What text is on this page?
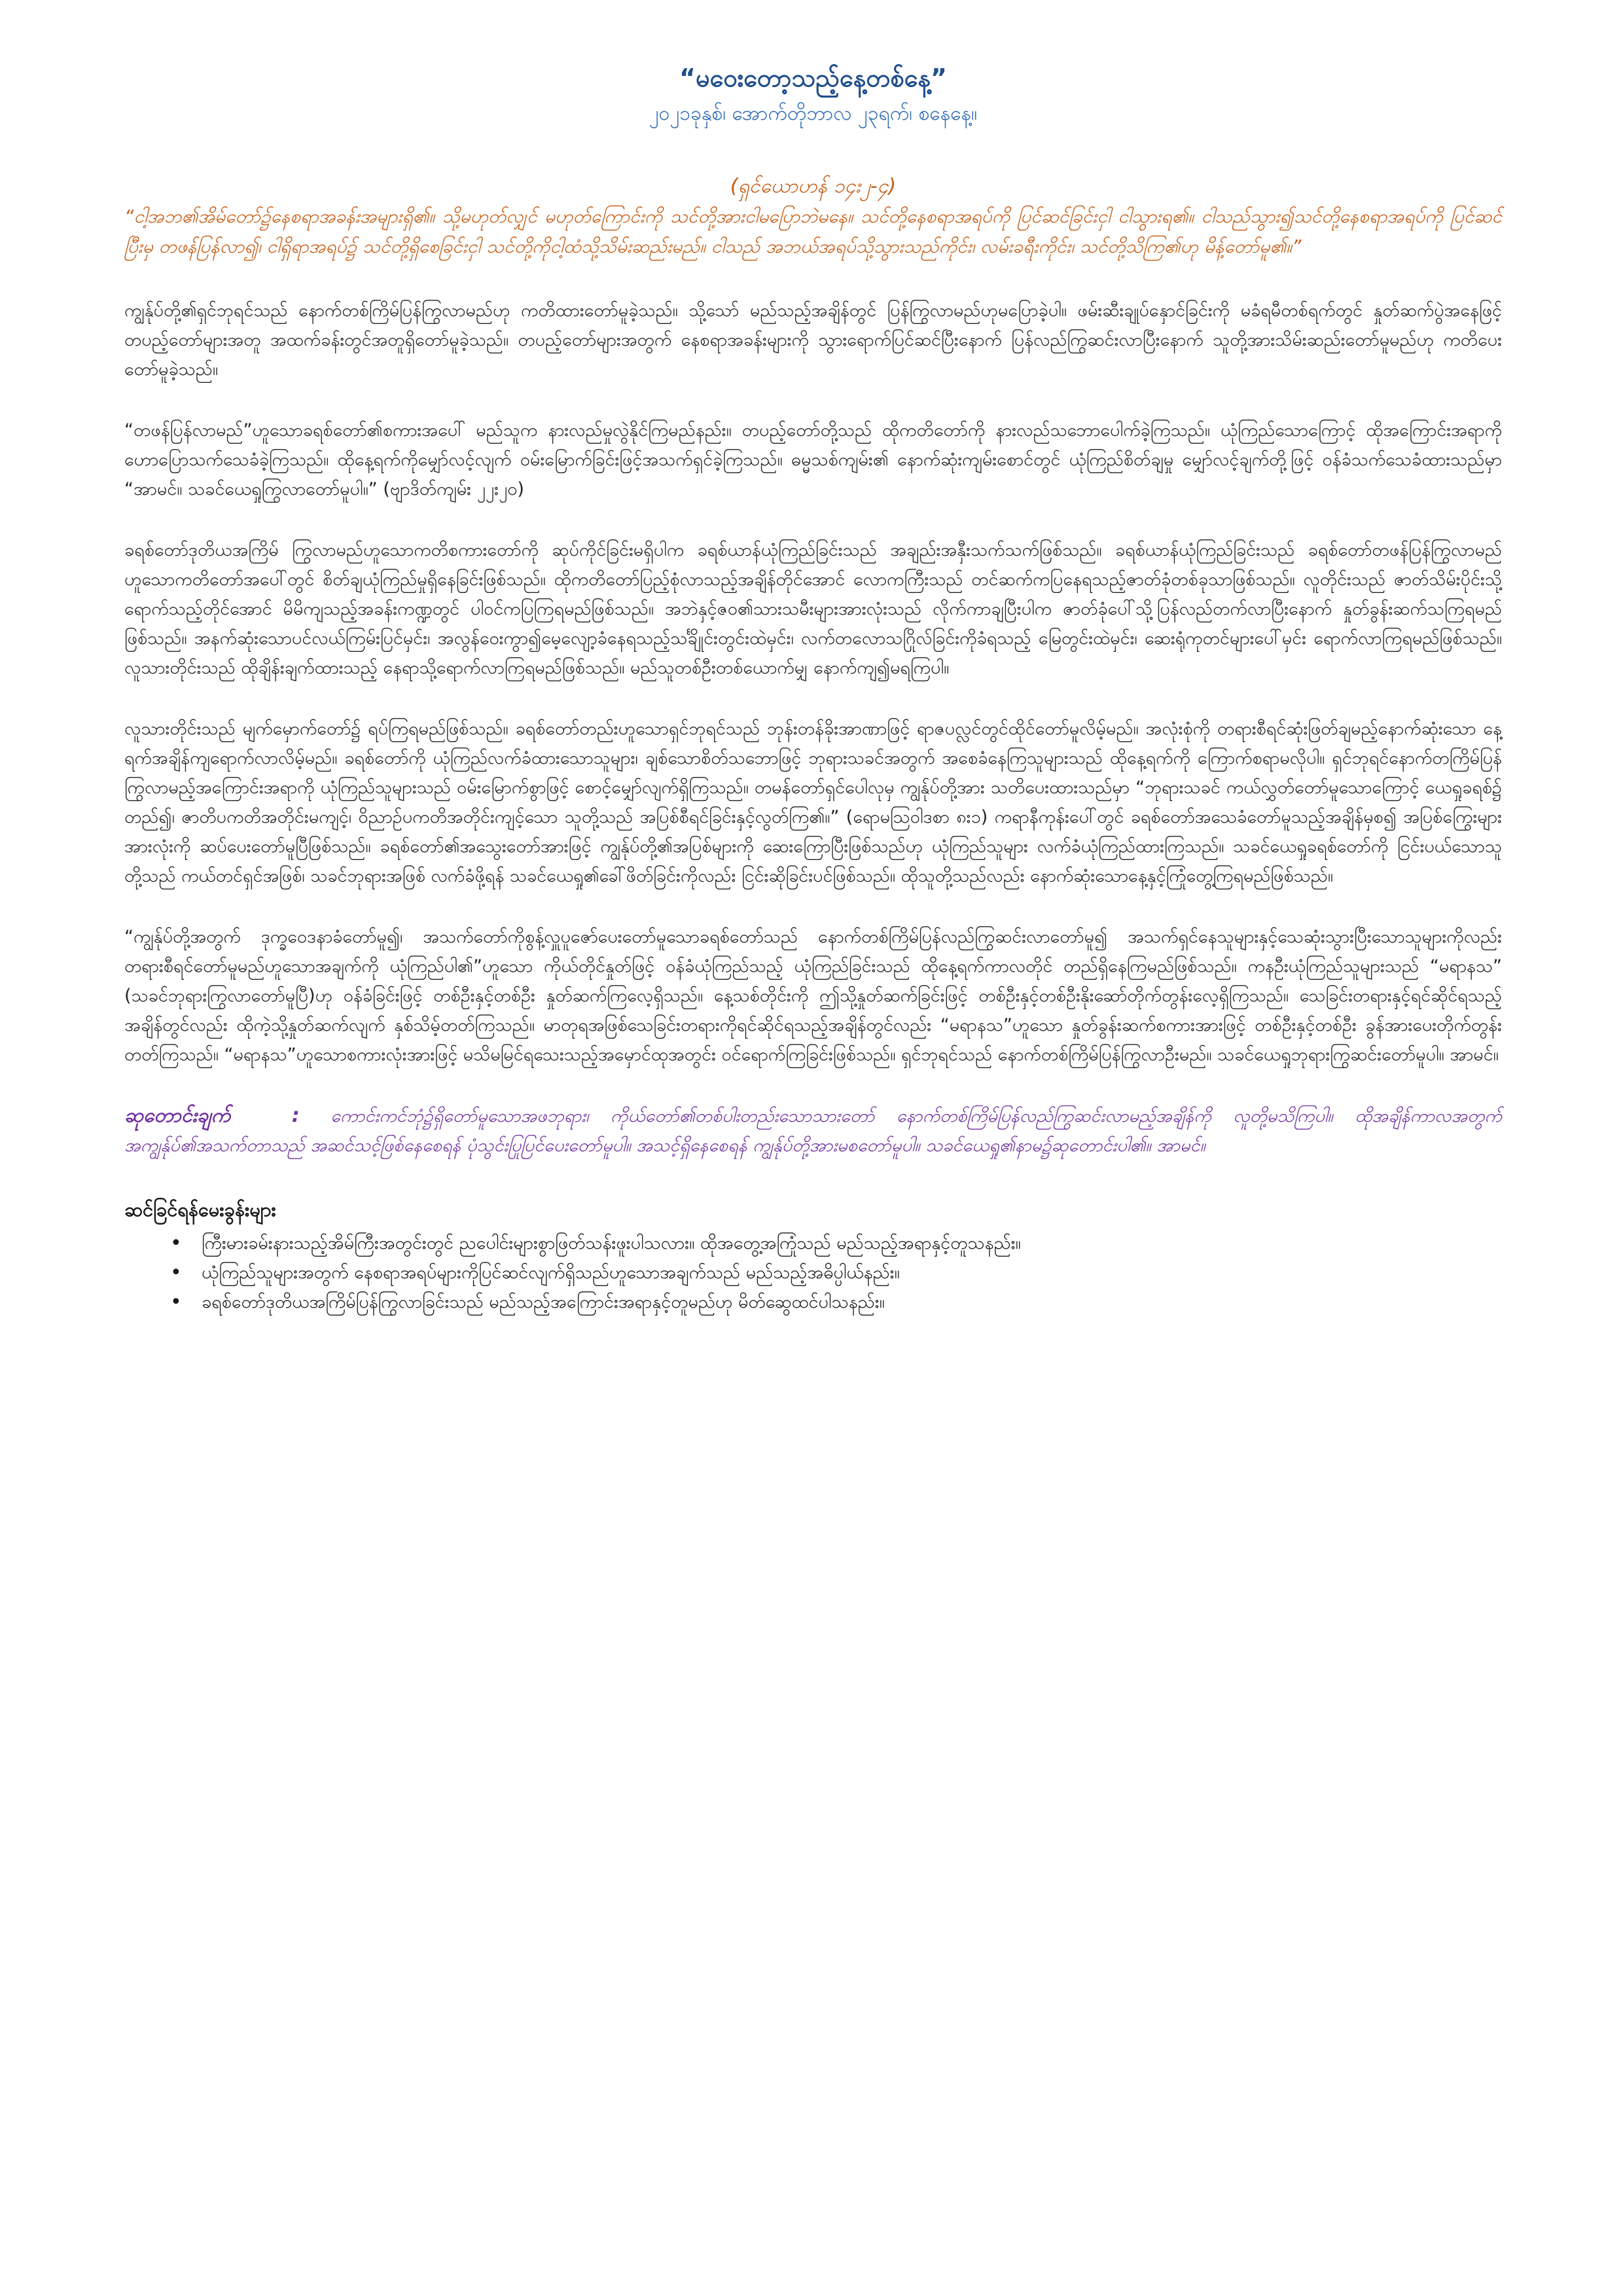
“မဝေးတော့သည့်နေ့တစ်နေ့”

၂၀၂၁ခုနှစ်၊ အောက်တိုဘာလ ၂၃ရက်၊ စနေနေ့။

(ရှင်ယောဟန် ၁၄း၂-၄)

“ငါ့အဘ၏အိမ်တော်၌နေစရာအခန်းအများရှိ၏။ သို့မဟုတ်လျှင် မဟုတ်ကြောင်းကို သင်တို့အားငါမပြောဘဲမနေ။ သင်တို့နေစရာအရပ်ကို ပြင်ဆင်ခြင်းငှါ ငါသွားရ၏။ ငါသည်သွား၍သင်တို့နေစရာအရပ်ကို ပြင်ဆင်ပြီးမှ တဖန်ပြန်လာ၍၊ ငါရှိရာအရပ်၌ သင်တို့ရှိစေခြင်းငှါ သင်တို့ကိုငါ့ထံသို့သိမ်းဆည်းမည်။ ငါသည် အဘယ်အရပ်သို့သွားသည်ကိုင်း၊ လမ်းခရီးကိုင်း၊ သင်တို့သိကြ၏ဟု မိန့်တော်မူ၏။”

ကျွန်ုပ်တို့၏ရှင်ဘုရင်သည် နောက်တစ်ကြိမ်ပြန်ကြွလာမည်ဟု ကတိထားတော်မူခဲ့သည်။ သို့သော် မည်သည့်အချိန်တွင် ပြန်ကြွလာမည်ဟုမပြောခဲ့ပါ။ ဖမ်းဆီးချုပ်နှောင်ခြင်းကို မခံရမီတစ်ရက်တွင် နှုတ်ဆက်ပွဲအနေဖြင့် တပည့်တော်များအတူ အထက်ခန်းတွင်အတူရှိတော်မူခဲ့သည်။ တပည့်တော်များအတွက် နေစရာအခန်းများကို သွားရောက်ပြင်ဆင်ပြီးနောက် ပြန်လည်ကြွဆင်းလာပြီးနောက် သူတို့အားသိမ်းဆည်းတော်မူမည်ဟု ကတိပေးတော်မူခဲ့သည်။

“တဖန်ပြန်လာမည်”ဟူသောခရစ်တော်၏စကားအပေါ် မည်သူက နားလည်မှုလွဲနိုင်ကြမည်နည်း။ တပည့်တော်တို့သည် ထိုကတိတော်ကို နားလည်သဘောပေါက်ခဲ့ကြသည်။ ယုံကြည်သောကြောင့် ထိုအကြောင်းအရာကို ဟောပြောသက်သေခံခဲ့ကြသည်။ ထိုနေ့ရက်ကိုမျှော်လင့်လျက် ဝမ်းမြောက်ခြင်းဖြင့်အသက်ရှင်ခဲ့ကြသည်။ ဓမ္မသစ်ကျမ်း၏ နောက်ဆုံးကျမ်းစောင်တွင် ယုံကြည်စိတ်ချမှု မျှော်လင့်ချက်တို့ဖြင့် ဝန်ခံသက်သေခံထားသည်မှာ “အာမင်။ သခင်ယေရှုကြွလာတော်မူပါ။” (ဗျာဒိတ်ကျမ်း ၂၂း၂၀)

ခရစ်တော်ဒုတိယအကြိမ် ကြွလာမည်ဟူသောကတိစကားတော်ကို ဆုပ်ကိုင်ခြင်းမရှိပါက ခရစ်ယာန်ယုံကြည်ခြင်းသည် အချည်းအနှီးသက်သက်ဖြစ်သည်။ ခရစ်ယာန်ယုံကြည်ခြင်းသည် ခရစ်တော်တဖန်ပြန်ကြွလာမည်ဟူသောကတိတော်အပေါ်တွင် စိတ်ချယုံကြည်မှုရှိနေခြင်းဖြစ်သည်။ ထိုကတိတော်ပြည့်စုံလာသည့်အချိန်တိုင်အောင် လောကကြီးသည် တင်ဆက်ကပြနေရသည့်ဇာတ်ခုံတစ်ခုသာဖြစ်သည်။ လူတိုင်းသည် ဇာတ်သိမ်းပိုင်းသို့ရောက်သည့်တိုင်အောင် မိမိကျသည့်အခန်းကဏ္ဍတွင် ပါဝင်ကပြကြရမည်ဖြစ်သည်။ အဘဲနှင့်ဇဝ၏သားသမီးများအားလုံးသည် လိုက်ကာချပြီးပါက ဇာတ်ခုံပေါ်သို့ပြန်လည်တက်လာပြီးနောက် နှုတ်ခွန်းဆက်သကြရမည်ဖြစ်သည်။ အနက်ဆုံးသောပင်လယ်ကြမ်းပြင်မှင်း၊ အလွန်ဝေးကွာ၍မေ့လျော့ခံနေရသည့်သင်္ချိုင်းတွင်းထဲမှင်း၊ လက်တလောသဂြိုလ်ခြင်းကိုခံရသည့် မြေတွင်းထဲမှင်း၊ ဆေးရုံကုတင်များပေါ်မှင်း ရောက်လာကြရမည်ဖြစ်သည်။ လူသားတိုင်းသည် ထိုချိန်းချက်ထားသည့် နေရာသို့ရောက်လာကြရမည်ဖြစ်သည်။ မည်သူတစ်ဦးတစ်ယောက်မျှ နောက်ကျ၍မရကြပါ။

လူသားတိုင်းသည် မျက်မှောက်တော်၌ ရပ်ကြရမည်ဖြစ်သည်။ ခရစ်တော်တည်းဟူသောရှင်ဘုရင်သည် ဘုန်းတန်ခိုးအာဏာဖြင့် ရာဇပလ္လင်တွင်ထိုင်တော်မူလိမ့်မည်။ အလုံးစုံကို တရားစီရင်ဆုံးဖြတ်ချမည့်နောက်ဆုံးသော နေ့ရက်အချိန်ကျရောက်လာလိမ့်မည်။ ခရစ်တော်ကို ယုံကြည်လက်ခံထားသောသူများ၊ ချစ်သောစိတ်သဘောဖြင့် ဘုရားသခင်အတွက် အစေခံနေကြသူများသည် ထိုနေ့ရက်ကို ကြောက်စရာမလိုပါ။ ရှင်ဘုရင်နောက်တကြိမ်ပြန်ကြွလာမည့်အကြောင်းအရာကို ယုံကြည်သူများသည် ဝမ်းမြောက်စွာဖြင့် စောင့်မျှော်လျက်ရှိကြသည်။ တမန်တော်ရှင်ပေါလုမှ ကျွန်ုပ်တို့အား သတိပေးထားသည်မှာ “ဘုရားသခင် ကယ်လွှတ်တော်မူသောကြောင့် ယေရှုခရစ်၌ တည်၍၊ ဇာတိပကတိအတိုင်းမကျင့်၊ ဝိညာဉ်ပကတိအတိုင်းကျင့်သော သူတို့သည် အပြစ်စီရင်ခြင်းနှင့်လွတ်ကြ၏။” (ရောမဩဝါဒစာ ၈း၁) ကရာနီကုန်းပေါ်တွင် ခရစ်တော်အသေခံတော်မူသည့်အချိန်မှစ၍ အပြစ်ကြွေးများအားလုံးကို ဆပ်ပေးတော်မူပြီဖြစ်သည်။ ခရစ်တော်၏အသွေးတော်အားဖြင့် ကျွန်ုပ်တို့၏အပြစ်များကို ဆေးကြောပြီးဖြစ်သည်ဟု ယုံကြည်သူများ လက်ခံယုံကြည်ထားကြသည်။ သခင်ယေရှုခရစ်တော်ကို ငြင်းပယ်သောသူတို့သည် ကယ်တင်ရှင်အဖြစ်၊ သခင်ဘုရားအဖြစ် လက်ခံဖို့ရန် သခင်ယေရှု၏ခေါ်ဖိတ်ခြင်းကိုလည်း ငြင်းဆိုခြင်းပင်ဖြစ်သည်။ ထိုသူတို့သည်လည်း နောက်ဆုံးသောနေ့နှင့်ကြုံတွေ့ကြရမည်ဖြစ်သည်။

“ကျွန်ုပ်တို့အတွက် ဒုက္ခဝေဒနာခံတော်မူ၍၊ အသက်တော်ကိုစွန့်လှူပူဇော်ပေးတော်မူသောခရစ်တော်သည် နောက်တစ်ကြိမ်ပြန်လည်ကြွဆင်းလာတော်မူ၍ အသက်ရှင်နေသူများနှင့်သေဆုံးသွားပြီးသောသူများကိုလည်း တရားစီရင်တော်မူမည်ဟူသောအချက်ကို ယုံကြည်ပါ၏”ဟူသော ကိုယ်တိုင်နှုတ်ဖြင့် ဝန်ခံယုံကြည်သည့် ယုံကြည်ခြင်းသည် ထိုနေ့ရက်ကာလတိုင် တည်ရှိနေကြမည်ဖြစ်သည်။ ကနဦးယုံကြည်သူများသည် “မရာနသ” (သခင်ဘုရားကြွလာတော်မူပြီ)ဟု ဝန်ခံခြင်းဖြင့် တစ်ဦးနှင့်တစ်ဦး နှုတ်ဆက်ကြလေ့ရှိသည်။ နေ့သစ်တိုင်းကို ဤသို့နှုတ်ဆက်ခြင်းဖြင့် တစ်ဦးနှင့်တစ်ဦးနိုးဆော်တိုက်တွန်းလေ့ရှိကြသည်။ သေခြင်းတရားနှင့်ရင်ဆိုင်ရသည့်အချိန်တွင်လည်း ထိုကဲ့သို့နှုတ်ဆက်လျက် နှစ်သိမ့်တတ်ကြသည်။ မာတုရအဖြစ်သေခြင်းတရားကိုရင်ဆိုင်ရသည့်အချိန်တွင်လည်း “မရာနသ”ဟူသော နှုတ်ခွန်းဆက်စကားအားဖြင့် တစ်ဦးနှင့်တစ်ဦး ခွန်အားပေးတိုက်တွန်းတတ်ကြသည်။ “မရာနသ”ဟူသောစကားလုံးအားဖြင့် မသိမမြင်ရသေးသည့်အမှောင်ထုအတွင်း ဝင်ရောက်ကြခြင်းဖြစ်သည်။ ရှင်ဘုရင်သည် နောက်တစ်ကြိမ်ပြန်ကြွလာဦးမည်။ သခင်ယေရှုဘုရားကြွဆင်းတော်မူပါ။ အာမင်။

ဆုတောင်းချက်	: ကောင်းကင်ဘုံ၌ရှိတော်မူသောအဖဘုရား၊ ကိုယ်တော်၏တစ်ပါးတည်းသောသားတော် နောက်တစ်ကြိမ်ပြန်လည်ကြွဆင်းလာမည့်အချိန်ကို လူတို့မသိကြပါ။ ထိုအချိန်ကာလအတွက် အကျွန်ုပ်၏အသက်တာသည် အဆင်သင့်ဖြစ်နေစေရန် ပုံသွင်းပြုပြင်ပေးတော်မူပါ။ အသင့်ရှိနေစေရန် ကျွန်ုပ်တို့အားမစတော်မူပါ။ သခင်ယေရှု၏နာမ၌ဆုတောင်းပါ၏။ အာမင်။

ဆင်ခြင်ရန်မေးခွန်းများ
• ကြီးမားခမ်းနားသည့်အိမ်ကြီးအတွင်းတွင် ညပေါင်းများစွာဖြတ်သန်းဖူးပါသလား။ ထိုအတွေ့အကြုံသည် မည်သည့်အရာနှင့်တူသနည်း။
• ယုံကြည်သူများအတွက် နေစရာအရပ်များကိုပြင်ဆင်လျက်ရှိသည်ဟူသောအချက်သည် မည်သည့်အဓိပ္ပါယ်နည်း။
• ခရစ်တော်ဒုတိယအကြိမ်ပြန်ကြွလာခြင်းသည် မည်သည့်အကြောင်းအရာနှင့်တူမည်ဟု မိတ်ဆွေထင်ပါသနည်း။
